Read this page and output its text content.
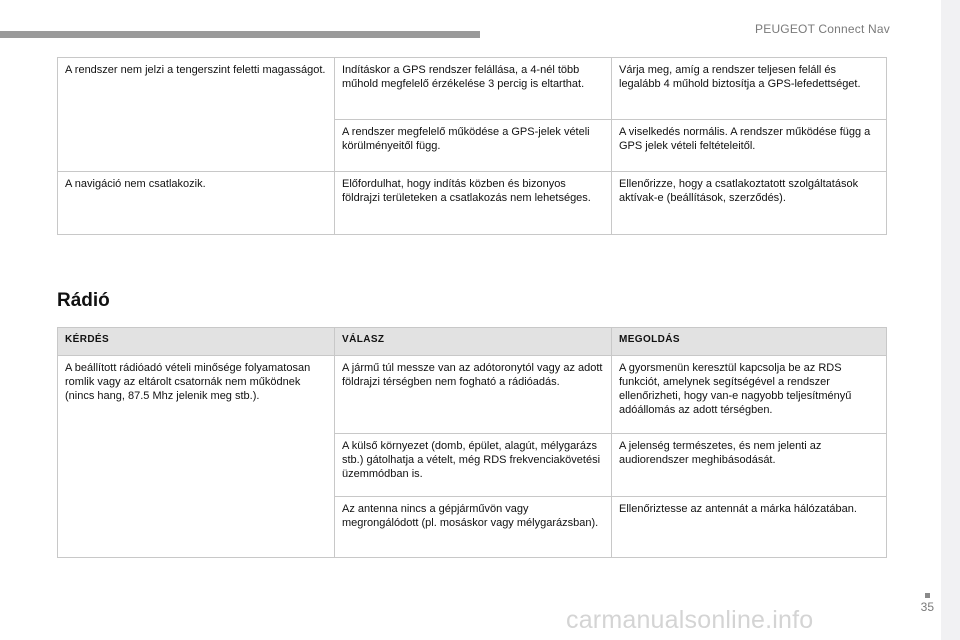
PEUGEOT Connect Nav
A rendszer nem jelzi a tengerszint feletti magasságot.	Indításkor a GPS rendszer felállása, a 4-nél több műhold megfelelő érzékelése 3 percig is eltarthat.	Várja meg, amíg a rendszer teljesen feláll és legalább 4 műhold biztosítja a GPS-lefedettséget.
	A rendszer megfelelő működése a GPS-jelek vételi körülményeitől függ.	A viselkedés normális. A rendszer működése függ a GPS jelek vételi feltételeitől.
A navigáció nem csatlakozik.	Előfordulhat, hogy indítás közben és bizonyos földrajzi területeken a csatlakozás nem lehetséges.	Ellenőrizze, hogy a csatlakoztatott szolgáltatások aktívak-e (beállítások, szerződés).
Rádió
KÉRDÉS	VÁLASZ	MEGOLDÁS
A beállított rádióadó vételi minősége folyamatosan romlik vagy az eltárolt csatornák nem működnek (nincs hang, 87.5 Mhz jelenik meg stb.).	A jármű túl messze van az adótoronytól vagy az adott földrajzi térségben nem fogható a rádióadás.	A gyorsmenün keresztül kapcsolja be az RDS funkciót, amelynek segítségével a rendszer ellenőrizheti, hogy van-e nagyobb teljesítményű adóállomás az adott térségben.
	A külső környezet (domb, épület, alagút, mélygarázs stb.) gátolhatja a vételt, még RDS frekvenciakövetési üzemmódban is.	A jelenség természetes, és nem jelenti az audiorendszer meghibásodását.
	Az antenna nincs a gépjárművön vagy megrongálódott (pl. mosáskor vagy mélygarázsban).	Ellenőriztesse az antennát a márka hálózatában.
35
carmanualsonline.info
